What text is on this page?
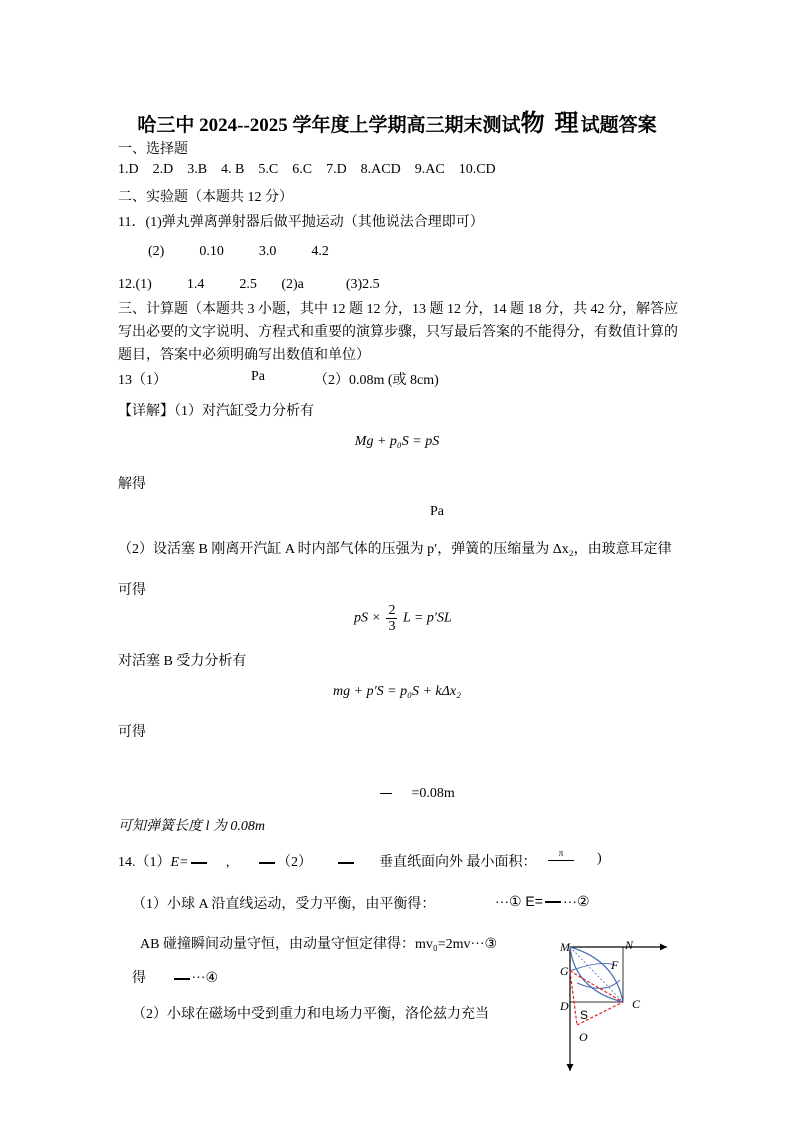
哈三中 2024--2025 学年度上学期高三期末测试物 理试题答案
一、选择题
1.D    2.D    3.B    4. B    5.C    6.C    7.D    8.ACD    9.AC    10.CD
二、实验题（本题共 12 分）
11．(1)弹丸弹离弹射器后做平抛运动（其他说法合理即可）
(2)          0.10          3.0          4.2
12.(1)          1.4          2.5       (2)a            (3)2.5
三、计算题（本题共 3 小题，其中 12 题 12 分，13 题 12 分，14 题 18 分，共 42 分，解答应写出必要的文字说明、方程式和重要的演算步骤，只写最后答案的不能得分，有数值计算的题目，答案中必须明确写出数值和单位）
13（1）	Pa	（2）0.08m (或 8cm)
【详解】（1）对汽缸受力分析有
Mg + p₀S = pS
解得
Pa
（2）设活塞 B 刚离开汽缸 A 时内部气体的压强为 p′，弹簧的压缩量为 Δx₂，由玻意耳定律
可得
pS × $\frac{2}{3}$ L = p′SL
对活塞 B 受力分析有
mg + p′S = p₀S + kΔx₂
可得
=0.08m
可知弹簧长度 l 为 0.08m
14.（1）E=	,	（2）	垂直纸面向外 最小面积：
π	)
（1）小球 A 沿直线运动，受力平衡，由平衡得：	···① E= ···②
AB 碰撞瞬间动量守恒，由动量守恒定律得：mv₀=2mv···③
得	···④
（2）小球在磁场中受到重力和电场力平衡，洛伦兹力充当
M	N
G	F
D	C
S
O
